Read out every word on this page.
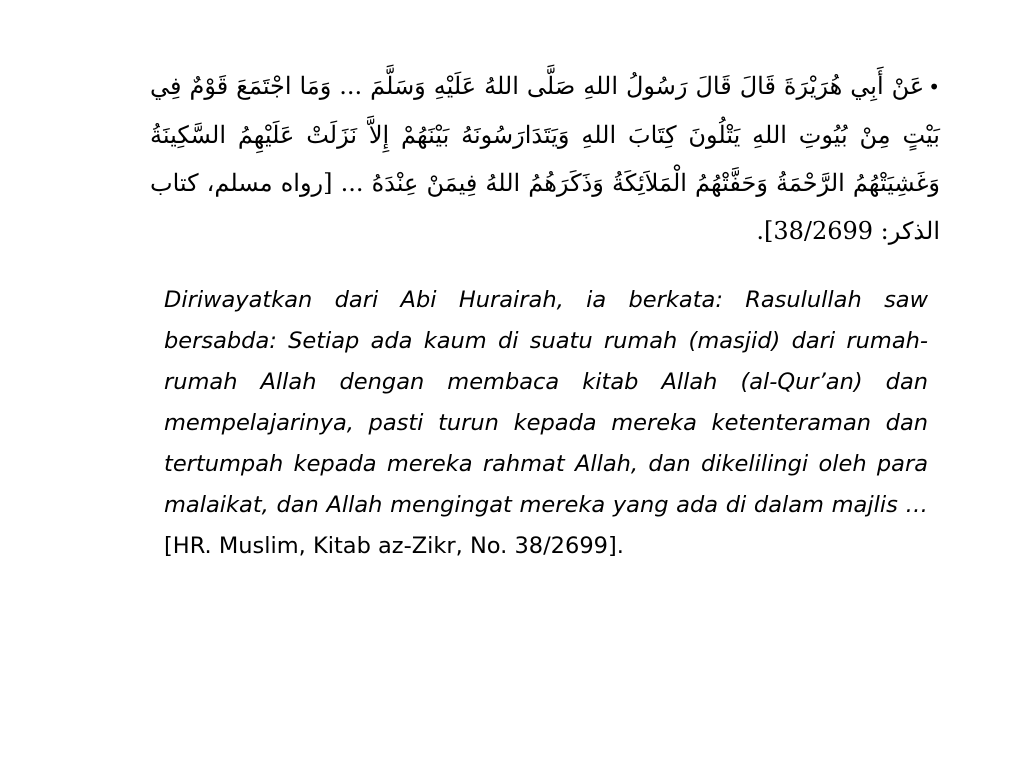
•عَنْ أَبِي هُرَيْرَةَ قَالَ قَالَ رَسُولُ اللهِ صَلَّى اللهُ عَلَيْهِ وَسَلَّمَ ... وَمَا اجْتَمَعَ قَوْمٌ فِي بَيْتٍ مِنْ بُيُوتِ اللهِ يَتْلُونَ كِتَابَ اللهِ وَيَتَدَارَسُونَهُ بَيْنَهُمْ إِلاَّ نَزَلَتْ عَلَيْهِمُ السَّكِينَةُ وَغَشِيَتْهُمُ الرَّحْمَةُ وَحَفَّتْهُمُ الْمَلاَئِكَةُ وَذَكَرَهُمُ اللهُ فِيمَنْ عِنْدَهُ ... [رواه مسلم، كتاب الذكر: 38/2699].
Diriwayatkan dari Abi Hurairah, ia berkata: Rasulullah saw bersabda: Setiap ada kaum di suatu rumah (masjid) dari rumah-rumah Allah dengan membaca kitab Allah (al-Qur’an) dan mempelajarinya, pasti turun kepada mereka ketenteraman dan tertumpah kepada mereka rahmat Allah, dan dikelilingi oleh para malaikat, dan Allah mengingat mereka yang ada di dalam majlis … [HR. Muslim, Kitab az-Zikr, No. 38/2699].
